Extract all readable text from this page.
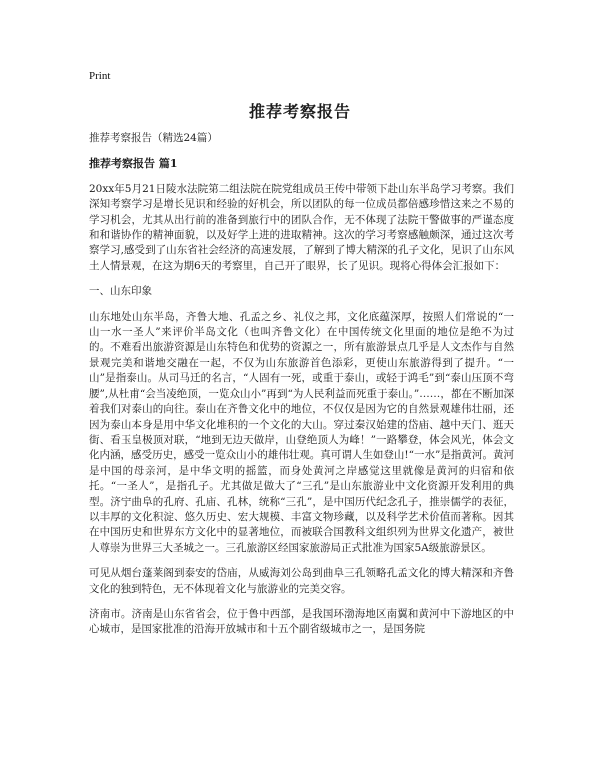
Print
推荐考察报告

推荐考察报告（精选24篇）

推荐考察报告 篇1

20xx年5月21日陵水法院第二组法院在院党组成员王传中带领下赴山东半岛学习考察。我们深知考察学习是增长见识和经验的好机会，所以团队的每一位成员都倍感珍惜这来之不易的学习机会，尤其从出行前的准备到旅行中的团队合作，无不体现了法院干警做事的严谨态度和和谐协作的精神面貌，以及好学上进的进取精神。这次的学习考察感触颇深，通过这次考察学习,感受到了山东省社会经济的高速发展，了解到了博大精深的孔子文化，见识了山东风土人情景观，在这为期6天的考察里，自己开了眼界，长了见识。现将心得体会汇报如下：

一、山东印象

山东地处山东半岛，齐鲁大地、孔孟之乡、礼仪之邦，文化底蕴深厚，按照人们常说的“一山一水一圣人”来评价半岛文化（也叫齐鲁文化）在中国传统文化里面的地位是绝不为过的。不难看出旅游资源是山东特色和优势的资源之一，所有旅游景点几乎是人文杰作与自然景观完美和谐地交融在一起，不仅为山东旅游首色添彩，更使山东旅游得到了提升。“一山”是指泰山。从司马迁的名言，“人固有一死，或重于泰山，或轻于鸿毛”到“泰山压顶不弯腰”,从杜甫“会当凌绝顶，一览众山小”再到“为人民利益而死重于泰山。”……，都在不断加深着我们对泰山的向往。泰山在齐鲁文化中的地位，不仅仅是因为它的自然景观雄伟壮丽，还因为泰山本身是用中华文化堆积的一个文化的大山。穿过秦汉始建的岱庙、越中天门、逛天街、看玉皇极顶对联，“地到无边天做岸，山登绝顶人为峰！”一路攀登，体会风光，体会文化内涵，感受历史，感受一览众山小的雄伟壮观。真可谓人生如登山!“一水”是指黄河。黄河是中国的母亲河，是中华文明的摇篮，而身处黄河之岸感觉这里就像是黄河的归宿和依托。“一圣人”，是指孔子。尤其做足做大了“三孔”是山东旅游业中文化资源开发利用的典型。济宁曲阜的孔府、孔庙、孔林，统称“三孔”，是中国历代纪念孔子，推崇儒学的表征，以丰厚的文化积淀、悠久历史、宏大规模、丰富文物珍藏，以及科学艺术价值而著称。因其在中国历史和世界东方文化中的显著地位，而被联合国教科文组织列为世界文化遗产，被世人尊崇为世界三大圣城之一。三孔旅游区经国家旅游局正式批准为国家5A级旅游景区。

可见从烟台蓬莱阁到泰安的岱庙，从威海刘公岛到曲阜三孔领略孔孟文化的博大精深和齐鲁文化的独到特色，无不体现着文化与旅游业的完美交容。

济南市。济南是山东省省会，位于鲁中西部，是我国环渤海地区南翼和黄河中下游地区的中心城市，是国家批准的沿海开放城市和十五个副省级城市之一，是国务院
